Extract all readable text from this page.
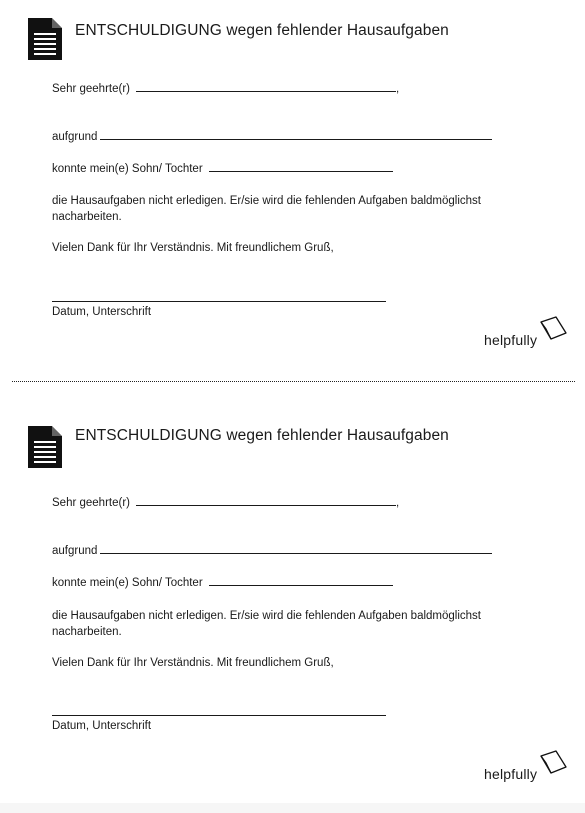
ENTSCHULDIGUNG wegen fehlender Hausaufgaben
Sehr geehrte(r)	,
aufgrund
konnte mein(e) Sohn/ Tochter
die Hausaufgaben nicht erledigen. Er/sie wird die fehlenden Aufgaben baldmöglichst nacharbeiten.
Vielen Dank für Ihr Verständnis. Mit freundlichem Gruß,
Datum, Unterschrift
helpfully
ENTSCHULDIGUNG wegen fehlender Hausaufgaben
Sehr geehrte(r)	,
aufgrund
konnte mein(e) Sohn/ Tochter
die Hausaufgaben nicht erledigen. Er/sie wird die fehlenden Aufgaben baldmöglichst nacharbeiten.
Vielen Dank für Ihr Verständnis. Mit freundlichem Gruß,
Datum, Unterschrift
helpfully
